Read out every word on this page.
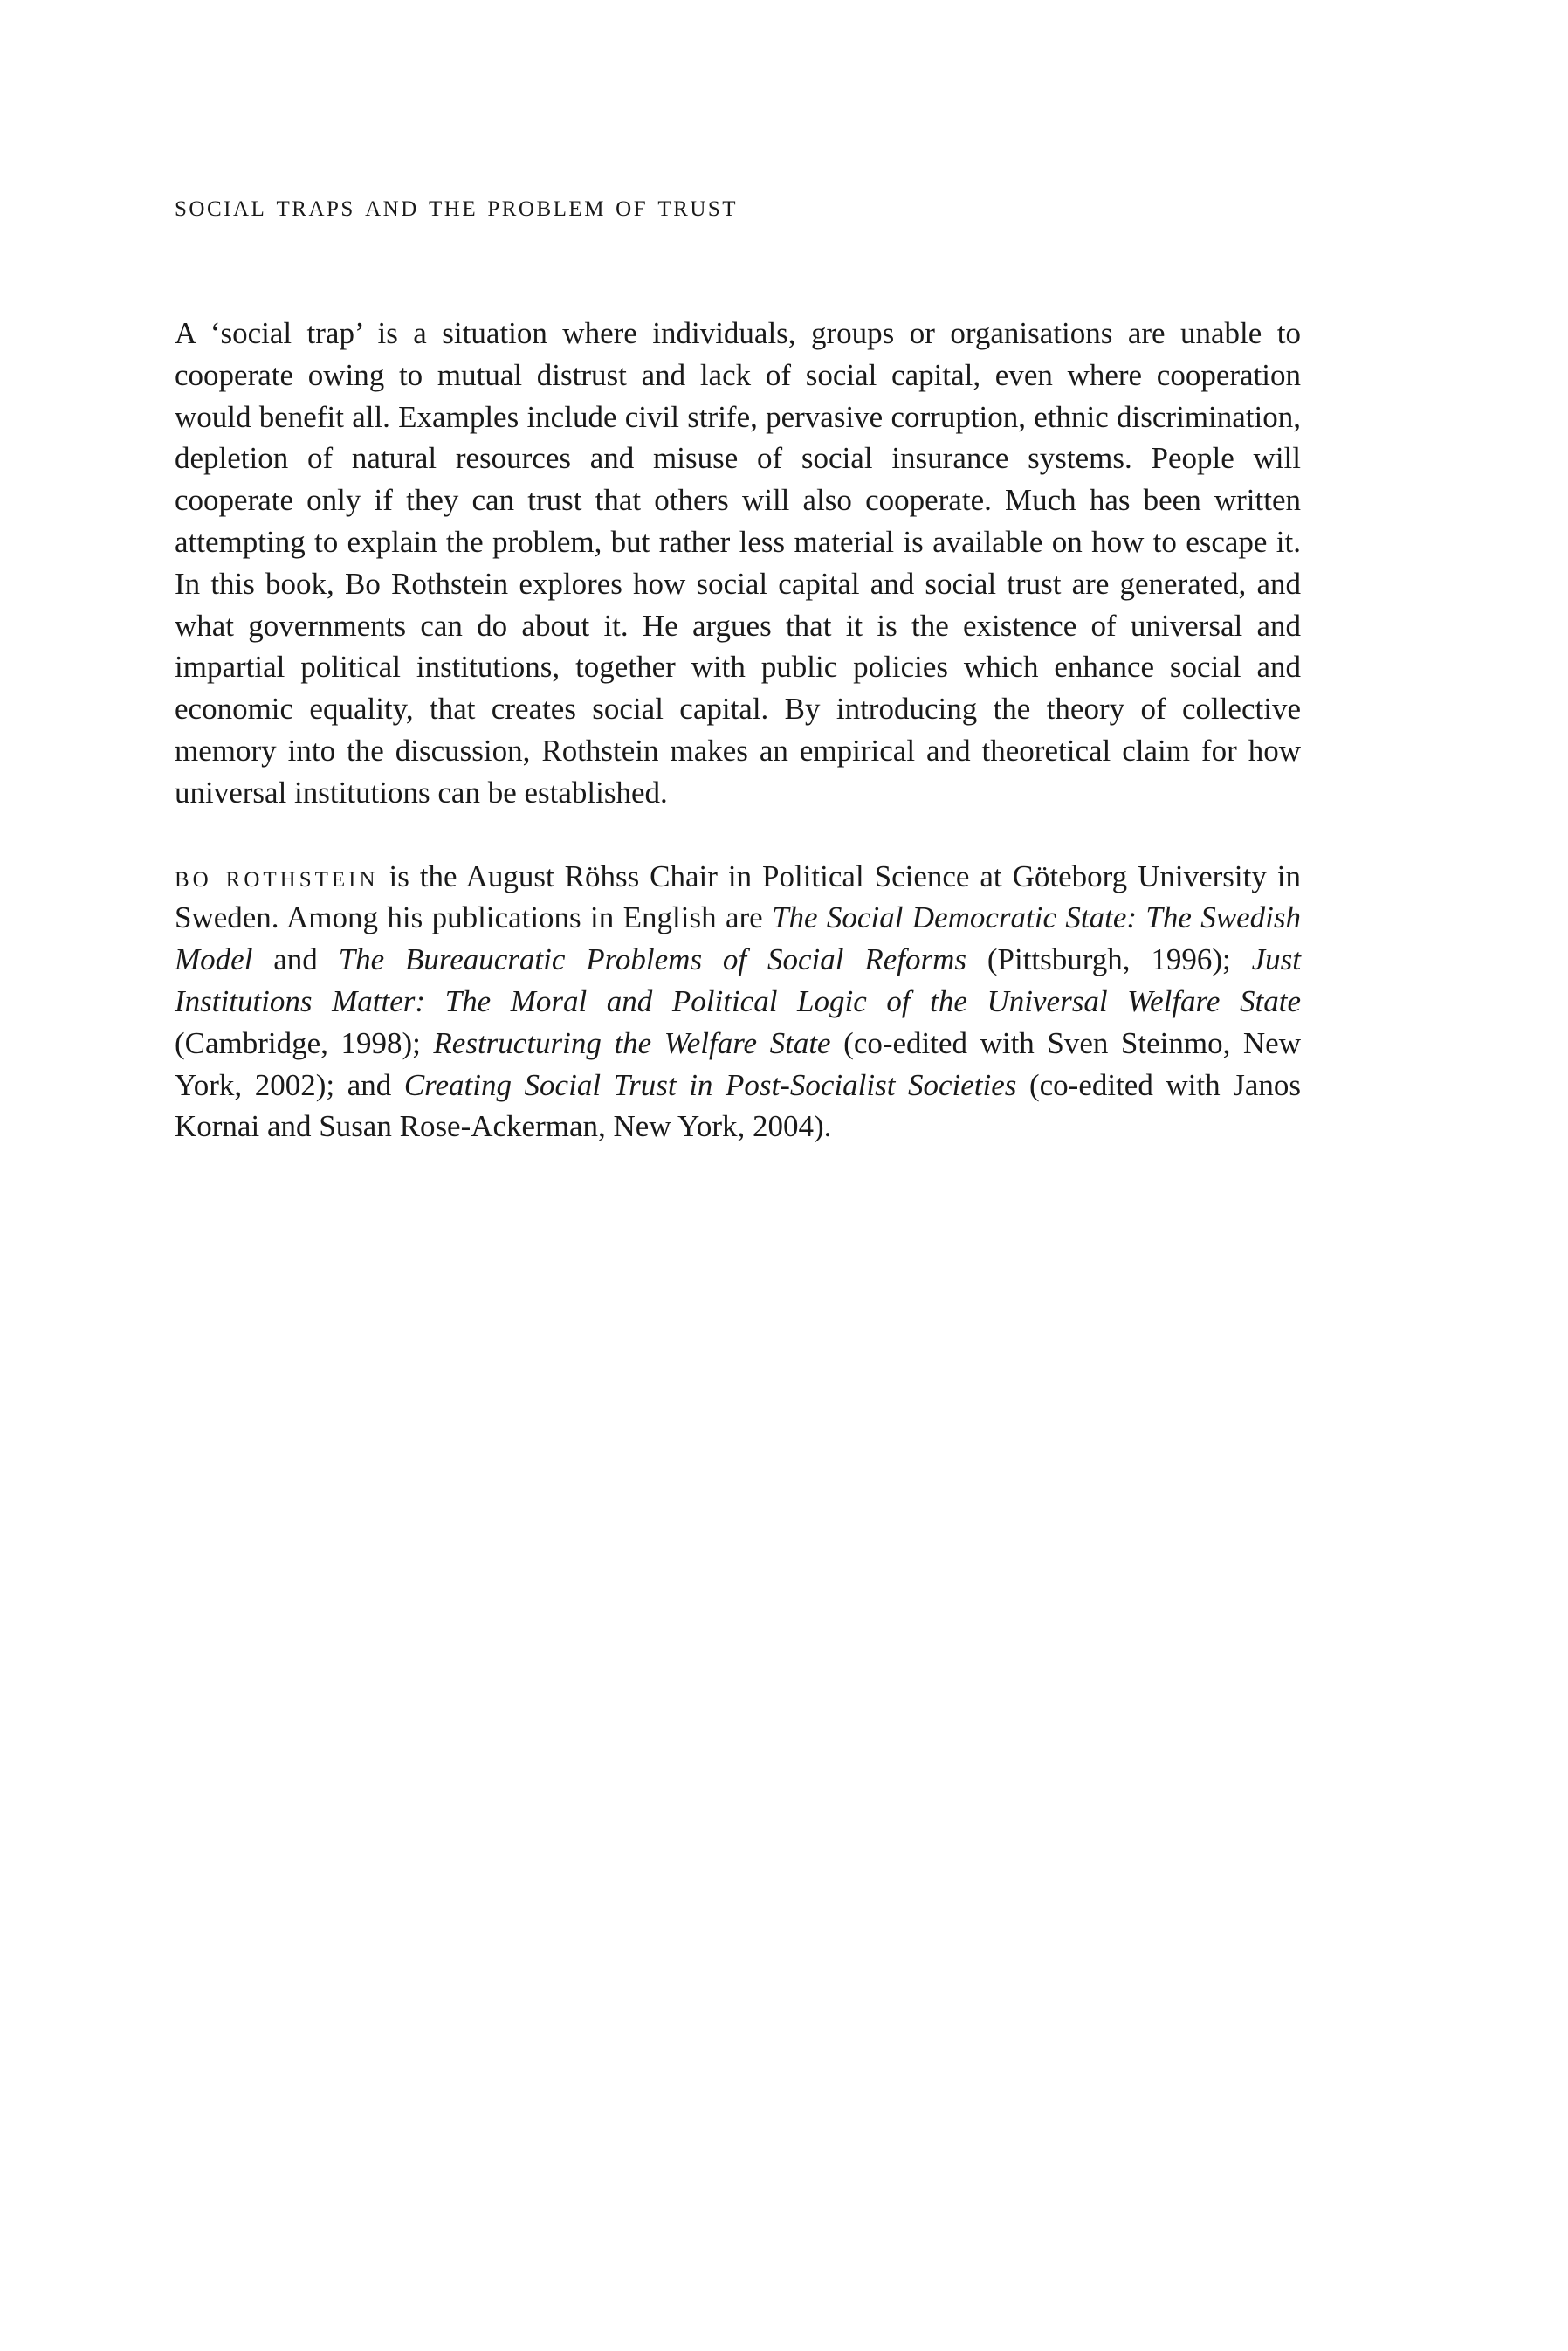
social traps and the problem of trust

A ‘social trap’ is a situation where individuals, groups or organisations are unable to cooperate owing to mutual distrust and lack of social capital, even where cooperation would benefit all. Examples include civil strife, pervasive corruption, ethnic discrimination, depletion of natural resources and misuse of social insurance systems. People will cooperate only if they can trust that others will also cooperate. Much has been written attempting to explain the problem, but rather less material is available on how to escape it. In this book, Bo Rothstein explores how social capital and social trust are generated, and what governments can do about it. He argues that it is the existence of universal and impartial political institutions, together with public policies which enhance social and economic equality, that creates social capital. By introducing the theory of collective memory into the discussion, Rothstein makes an empirical and theoretical claim for how universal institutions can be established.

bo rothstein is the August Röhss Chair in Political Science at Göteborg University in Sweden. Among his publications in English are The Social Democratic State: The Swedish Model and The Bureaucratic Problems of Social Reforms (Pittsburgh, 1996); Just Institutions Matter: The Moral and Political Logic of the Universal Welfare State (Cambridge, 1998); Restructuring the Welfare State (co-edited with Sven Steinmo, New York, 2002); and Creating Social Trust in Post-Socialist Societies (co-edited with Janos Kornai and Susan Rose-Ackerman, New York, 2004).
